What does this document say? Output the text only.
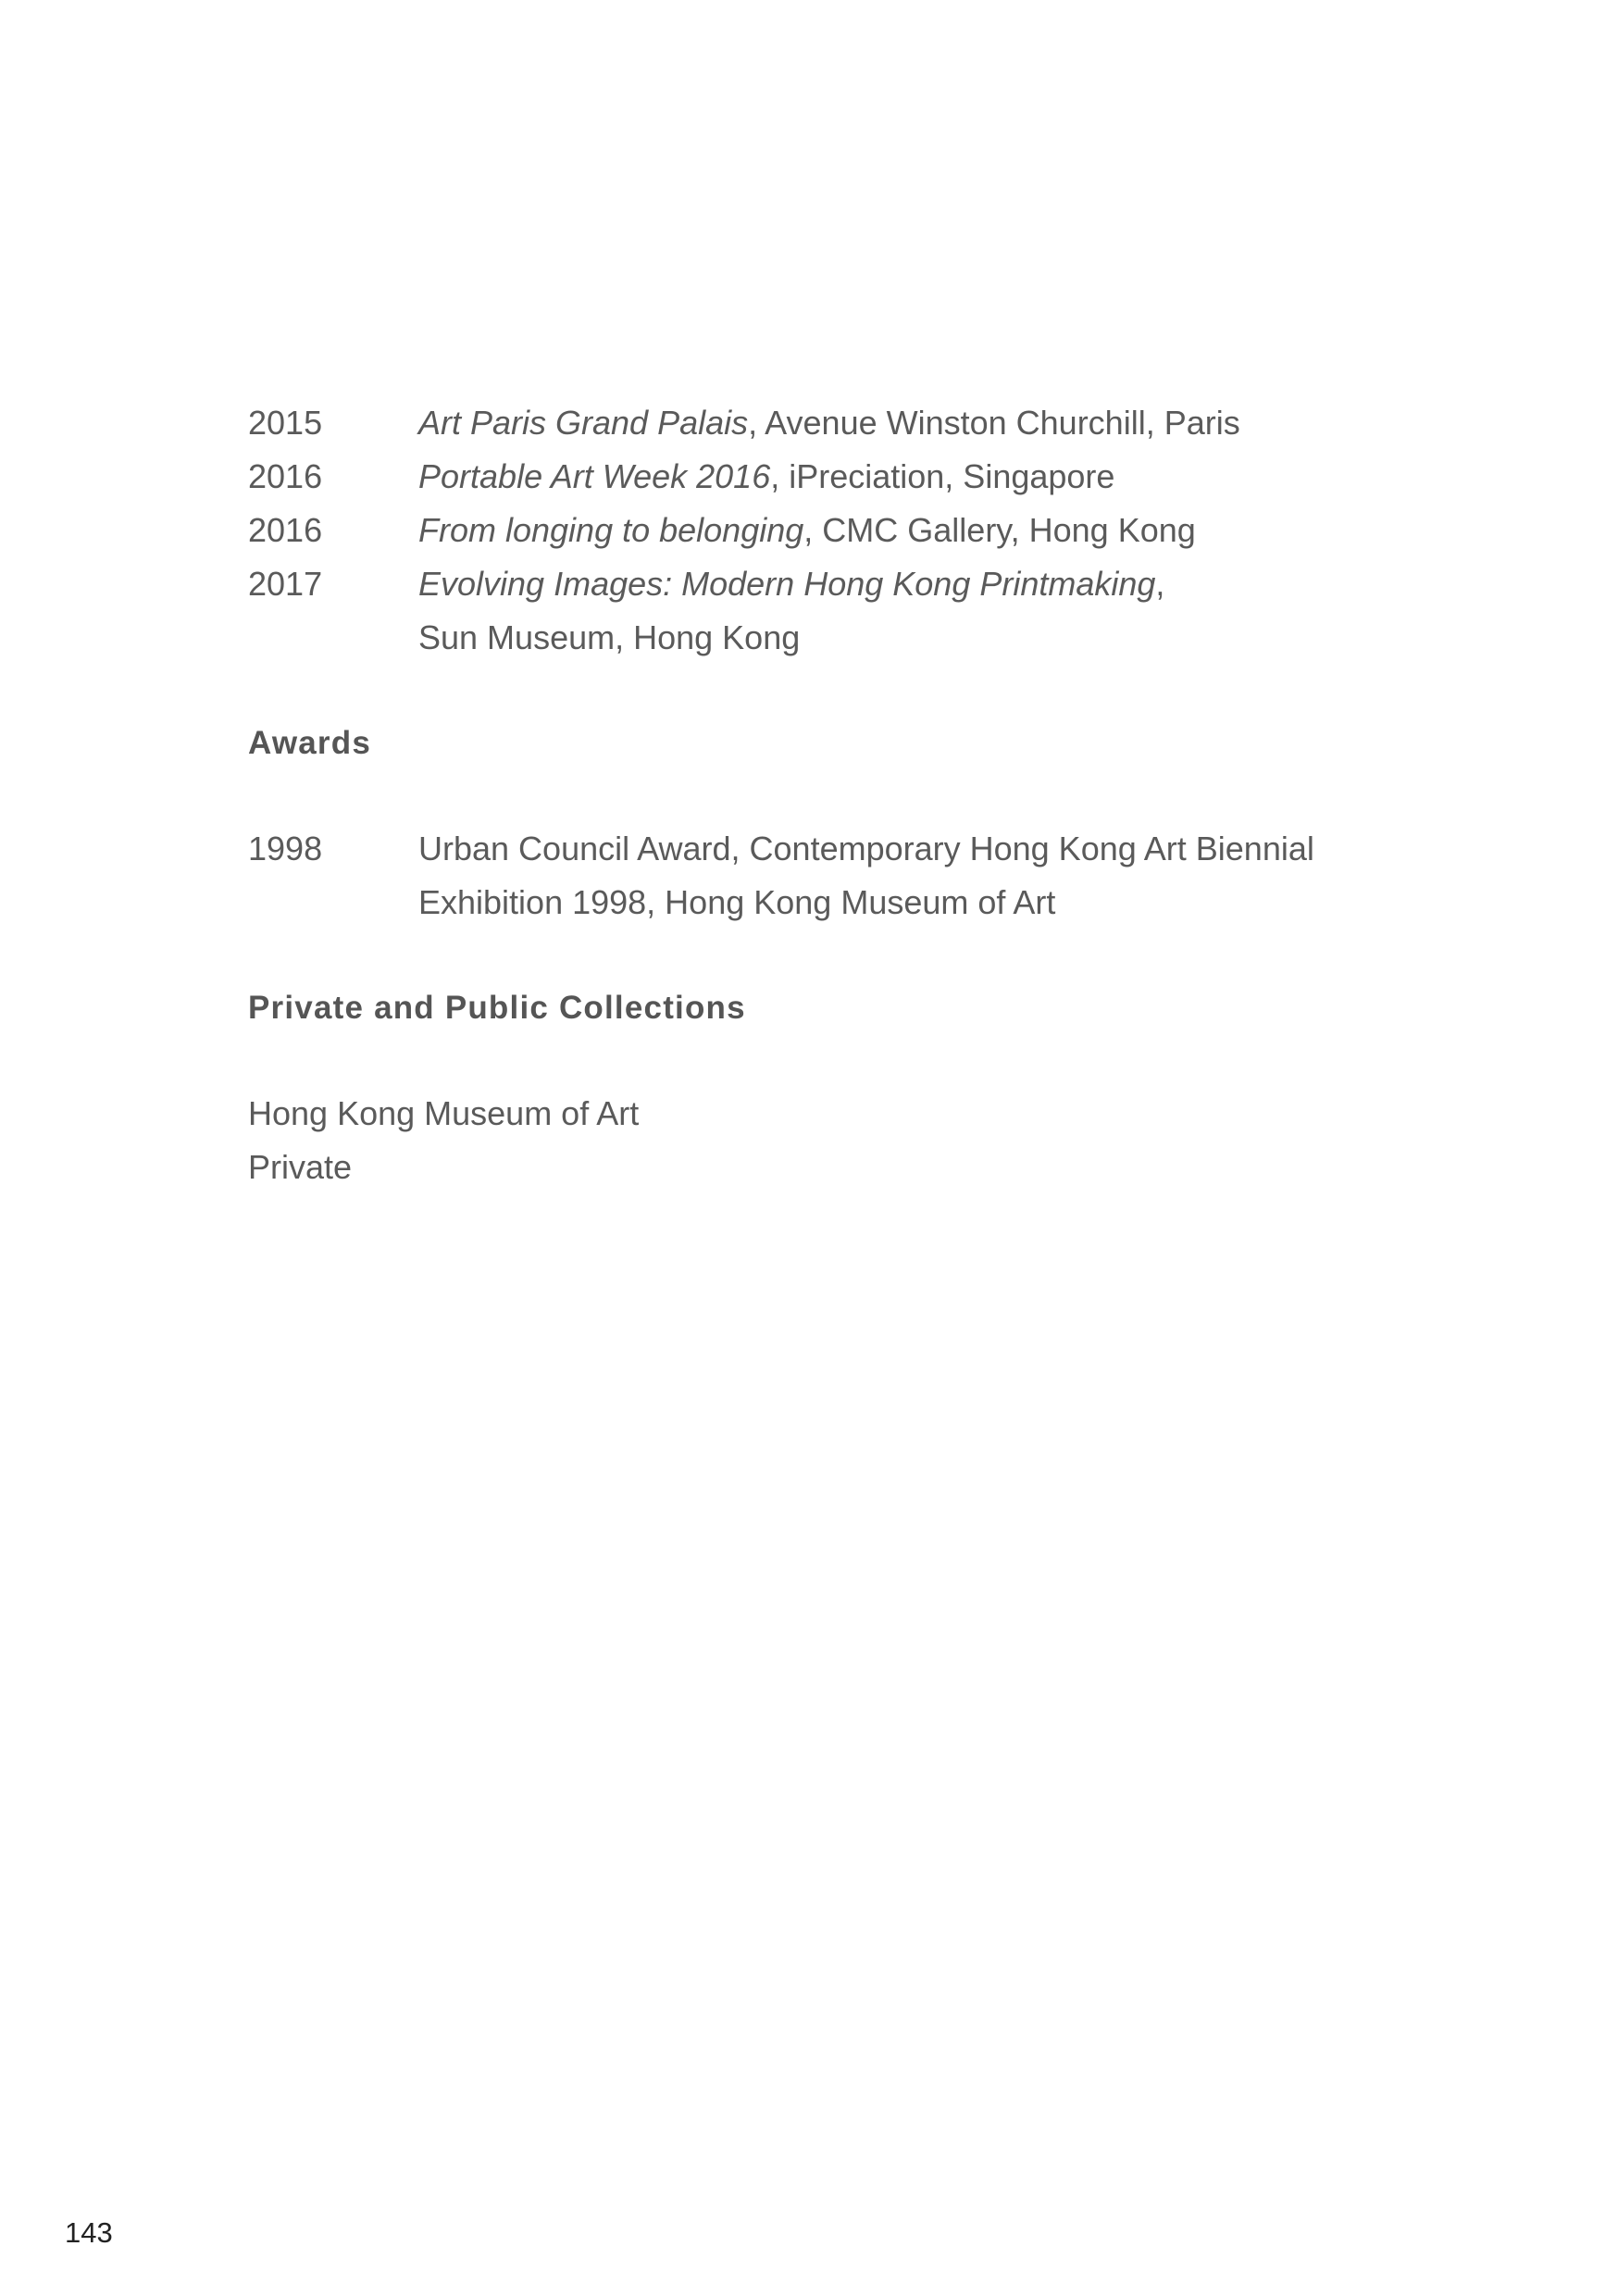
2015	Art Paris Grand Palais, Avenue Winston Churchill, Paris
2016	Portable Art Week 2016, iPreciation, Singapore
2016	From longing to belonging, CMC Gallery, Hong Kong
2017	Evolving Images: Modern Hong Kong Printmaking,
Sun Museum, Hong Kong
Awards
1998	Urban Council Award, Contemporary Hong Kong Art Biennial
Exhibition 1998, Hong Kong Museum of Art
Private and Public Collections
Hong Kong Museum of Art
Private
143
